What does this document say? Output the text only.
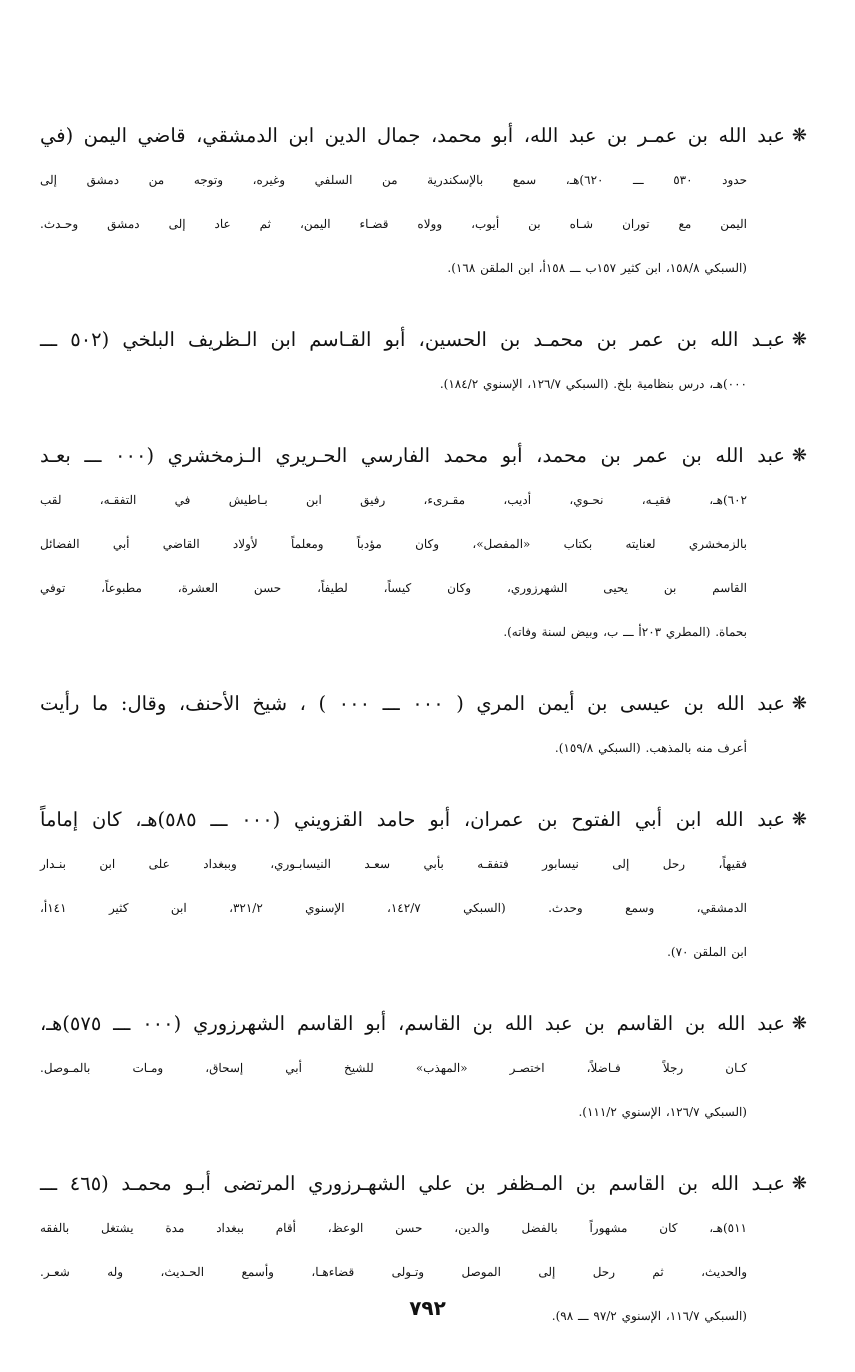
❋
عبد الله بن عمـر بن عبد الله، أبو محمد، جمال الدين ابن الدمشقي، قاضي اليمن (في
حدود ٥٣٠ ـــ ٦٢٠)هـ، سمع بالإسكندرية من السلفي وغيره، وتوجه من دمشق إلى
اليمن مع توران شـاه بن أيوب، وولاه قضـاء اليمن، ثم عاد إلى دمشق وحـدث.
(السبكي ١٥٨/٨، ابن كثير ١٥٧ب ـــ ١٥٨أ، ابن الملقن ١٦٨).

❋
عبـد الله بن عمر بن محمـد بن الحسين، أبو القـاسم ابن الـظريف البلخي (٥٠٢ ـــ
٠٠٠)هـ، درس بنظامية بلخ. (السبكي ١٢٦/٧، الإسنوي ١٨٤/٢).

❋
عبد الله بن عمر بن محمد، أبو محمد الفارسي الحـريري الـزمخشري (٠٠٠ ـــ بعـد
٦٠٢)هـ، فقيـه، نحـوي، أديب، مقـرىء، رفيق ابن بـاطيش في التفقـه، لقب
بالزمخشري لعنايته بكتاب «المفصل»، وكان مؤدباً ومعلماً لأولاد القاضي أبي الفضائل
القاسم بن يحيى الشهرزوري، وكان كيساً، لطيفاً، حسن العشرة، مطبوعاً، توفي
بحماة. (المطري ٢٠٣أ ـــ ب، وبيض لسنة وفاته).

❋
عبد الله بن عيسى بن أيمن المري ( ٠٠٠ ـــ ٠٠٠ ) ، شيخ الأحنف، وقال: ما رأيت
أعرف منه بالمذهب. (السبكي ١٥٩/٨).

❋
عبد الله ابن أبي الفتوح بن عمران، أبو حامد القزويني (٠٠٠ ـــ ٥٨٥)هـ، كان إماماً
فقيهاً، رحل إلى نيسابور فتفقـه بأبي سعـد النيسابـوري، وببغداد على ابن بنـدار
الدمشقي، وسمع وحدث. (السبكي ١٤٢/٧، الإسنوي ٣٢١/٢، ابن كثير ١٤١أ،
ابن الملقن ٧٠).

❋
عبد الله بن القاسم بن عبد الله بن القاسم، أبو القاسم الشهرزوري (٠٠٠ ـــ ٥٧٥)هـ،
كـان رجلاً فـاضلاً، اختصـر «المهذب» للشيخ أبي إسحاق، ومـات بالمـوصل.
(السبكي ١٢٦/٧، الإسنوي ١١١/٢).

❋
عبـد الله بن القاسم بن المـظفر بن علي الشهـرزوري المرتضى أبـو محمـد (٤٦٥ ـــ
٥١١)هـ، كان مشهوراً بالفضل والدين، حسن الوعظ، أقام ببغداد مدة يشتغل بالفقه
والحديث، ثم رحل إلى الموصل وتـولى قضاءهـا، وأسمع الحـديث، وله شعـر.
(السبكي ١١٦/٧، الإسنوي ٩٧/٢ ـــ ٩٨).

٧٩٢
